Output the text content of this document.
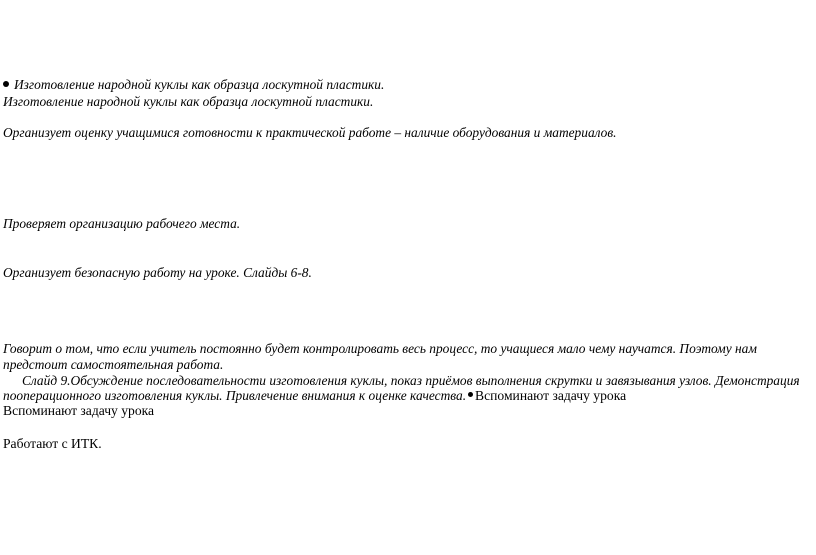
Изготовление народной куклы как образца лоскутной пластики.
Изготовление народной куклы как образца лоскутной пластики.
Организует оценку учащимися готовности к практической работе – наличие оборудования и материалов.
Проверяет организацию рабочего места.
Организует безопасную работу на уроке. Слайды 6-8.
Говорит о том, что если учитель постоянно будет контролировать весь процесс, то учащиеся мало чему научатся. Поэтому нам
предстоит самостоятельная работа.
Слайд 9.Обсуждение последовательности изготовления куклы, показ приёмов выполнения скрутки и завязывания узлов. Демонстрация
пооперационного изготовления куклы. Привлечение внимания к оценке качества. Вспоминают задачу урока
Вспоминают задачу урока
Работают с ИТК.
